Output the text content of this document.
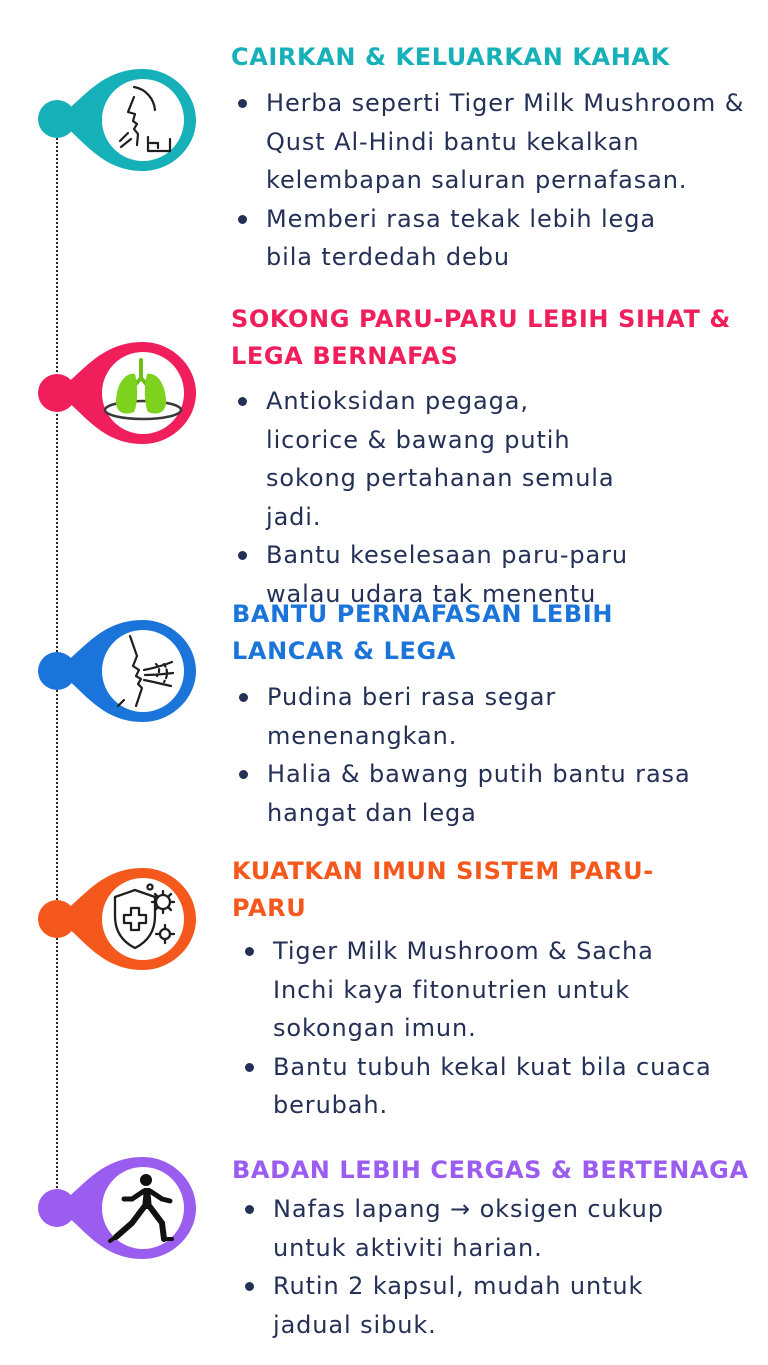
CAIRKAN & KELUARKAN KAHAK
Herba seperti Tiger Milk Mushroom & Qust Al-Hindi bantu kekalkan kelembapan saluran pernafasan.
Memberi rasa tekak lebih lega bila terdedah debu
SOKONG PARU-PARU LEBIH SIHAT & LEGA BERNAFAS
Antioksidan pegaga, licorice & bawang putih sokong pertahanan semula jadi.
Bantu keselesaan paru-paru walau udara tak menentu
BANTU PERNAFASAN LEBIH LANCAR & LEGA
Pudina beri rasa segar menenangkan.
Halia & bawang putih bantu rasa hangat dan lega
KUATKAN IMUN SISTEM PARU-PARU
Tiger Milk Mushroom & Sacha Inchi kaya fitonutrien untuk sokongan imun.
Bantu tubuh kekal kuat bila cuaca berubah.
BADAN LEBIH CERGAS & BERTENAGA
Nafas lapang → oksigen cukup untuk aktiviti harian.
Rutin 2 kapsul, mudah untuk jadual sibuk.
